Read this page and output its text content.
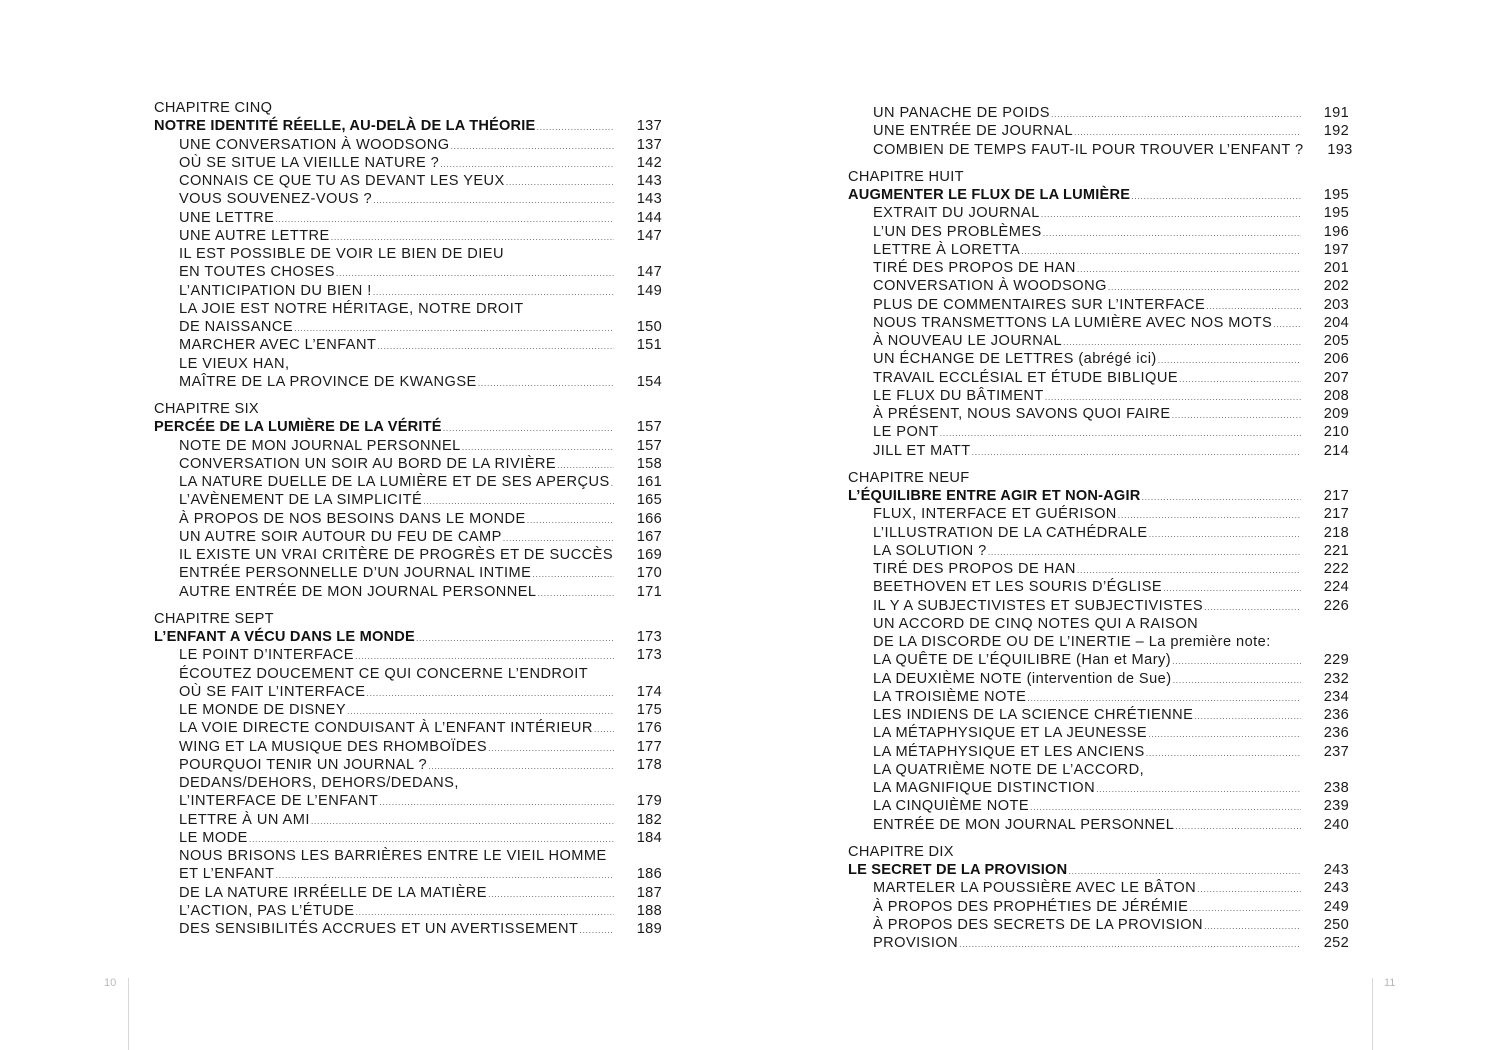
CHAPITRE CINQ
NOTRE IDENTITÉ RÉELLE, AU-DELÀ DE LA THÉORIE .....	137
UNE CONVERSATION À WOODSONG .....	137
OÙ SE SITUE LA VIEILLE NATURE ? .....	142
CONNAIS CE QUE TU AS DEVANT LES YEUX .....	143
VOUS SOUVENEZ-VOUS ? .....	143
UNE LETTRE .....	144
UNE AUTRE LETTRE .....	147
IL EST POSSIBLE DE VOIR LE BIEN DE DIEU
EN TOUTES CHOSES .....	147
L’ANTICIPATION DU BIEN ! .....	149
LA JOIE EST NOTRE HÉRITAGE, NOTRE DROIT
DE NAISSANCE .....	150
MARCHER AVEC L’ENFANT .....	151
LE VIEUX HAN,
MAÎTRE DE LA PROVINCE DE KWANGSE .....	154
CHAPITRE SIX
PERCÉE DE LA LUMIÈRE DE LA VÉRITÉ .....	157
NOTE DE MON JOURNAL PERSONNEL .....	157
CONVERSATION UN SOIR AU BORD DE LA RIVIÈRE .....	158
LA NATURE DUELLE DE LA LUMIÈRE ET DE SES APERÇUS .....	161
L’AVÈNEMENT DE LA SIMPLICITÉ .....	165
À PROPOS DE NOS BESOINS DANS LE MONDE .....	166
UN AUTRE SOIR AUTOUR DU FEU DE CAMP .....	167
IL EXISTE UN VRAI CRITÈRE DE PROGRÈS ET DE SUCCÈS	169
ENTRÉE PERSONNELLE D’UN JOURNAL INTIME .....	170
AUTRE ENTRÉE DE MON JOURNAL PERSONNEL .....	171
CHAPITRE SEPT
L’ENFANT A VÉCU DANS LE MONDE .....	173
LE POINT D’INTERFACE .....	173
ÉCOUTEZ DOUCEMENT CE QUI CONCERNE L’ENDROIT
OÙ SE FAIT L’INTERFACE .....	174
LE MONDE DE DISNEY .....	175
LA VOIE DIRECTE CONDUISANT À L’ENFANT INTÉRIEUR .....	176
WING ET LA MUSIQUE DES RHOMBOÏDES .....	177
POURQUOI TENIR UN JOURNAL ? .....	178
DEDANS/DEHORS, DEHORS/DEDANS,
L’INTERFACE DE L’ENFANT .....	179
LETTRE À UN AMI .....	182
LE MODE .....	184
NOUS BRISONS LES BARRIÈRES ENTRE LE VIEIL HOMME
ET L’ENFANT .....	186
DE LA NATURE IRRÉELLE DE LA MATIÈRE .....	187
L’ACTION, PAS L’ÉTUDE .....	188
DES SENSIBILITÉS ACCRUES ET UN AVERTISSEMENT .....	189
10
UN PANACHE DE POIDS .....	191
UNE ENTRÉE DE JOURNAL .....	192
COMBIEN DE TEMPS FAUT-IL POUR TROUVER L’ENFANT ?	193
CHAPITRE HUIT
AUGMENTER LE FLUX DE LA LUMIÈRE .....	195
EXTRAIT DU JOURNAL .....	195
L’UN DES PROBLÈMES .....	196
LETTRE À LORETTA .....	197
TIRÉ DES PROPOS DE HAN .....	201
CONVERSATION À WOODSONG .....	202
PLUS DE COMMENTAIRES SUR L’INTERFACE .....	203
NOUS TRANSMETTONS LA LUMIÈRE AVEC NOS MOTS .....	204
À NOUVEAU LE JOURNAL .....	205
UN ÉCHANGE DE LETTRES (abrégé ici) .....	206
TRAVAIL ECCLÉSIAL ET ÉTUDE BIBLIQUE .....	207
LE FLUX DU BÂTIMENT .....	208
À PRÉSENT, NOUS SAVONS QUOI FAIRE .....	209
LE PONT .....	210
JILL ET MATT .....	214
CHAPITRE NEUF
L’ÉQUILIBRE ENTRE AGIR ET NON-AGIR .....	217
FLUX, INTERFACE ET GUÉRISON .....	217
L’ILLUSTRATION DE LA CATHÉDRALE .....	218
LA SOLUTION ? .....	221
TIRÉ DES PROPOS DE HAN .....	222
BEETHOVEN ET LES SOURIS D’ÉGLISE .....	224
IL Y A SUBJECTIVISTES ET SUBJECTIVISTES .....	226
UN ACCORD DE CINQ NOTES QUI A RAISON
DE LA DISCORDE OU DE L’INERTIE – La première note:
LA QUÊTE DE L’ÉQUILIBRE (Han et Mary) .....	229
LA DEUXIÈME NOTE (intervention de Sue) .....	232
LA TROISIÈME NOTE .....	234
LES INDIENS DE LA SCIENCE CHRÉTIENNE .....	236
LA MÉTAPHYSIQUE ET LA JEUNESSE .....	236
LA MÉTAPHYSIQUE ET LES ANCIENS .....	237
LA QUATRIÈME NOTE DE L’ACCORD,
LA MAGNIFIQUE DISTINCTION .....	238
LA CINQUIÈME NOTE .....	239
ENTRÉE DE MON JOURNAL PERSONNEL .....	240
CHAPITRE DIX
LE SECRET DE LA PROVISION .....	243
MARTELER LA POUSSIÈRE AVEC LE BÂTON .....	243
À PROPOS DES PROPHÉTIES DE JÉRÉMIE .....	249
À PROPOS DES SECRETS DE LA PROVISION .....	250
PROVISION .....	252
11
